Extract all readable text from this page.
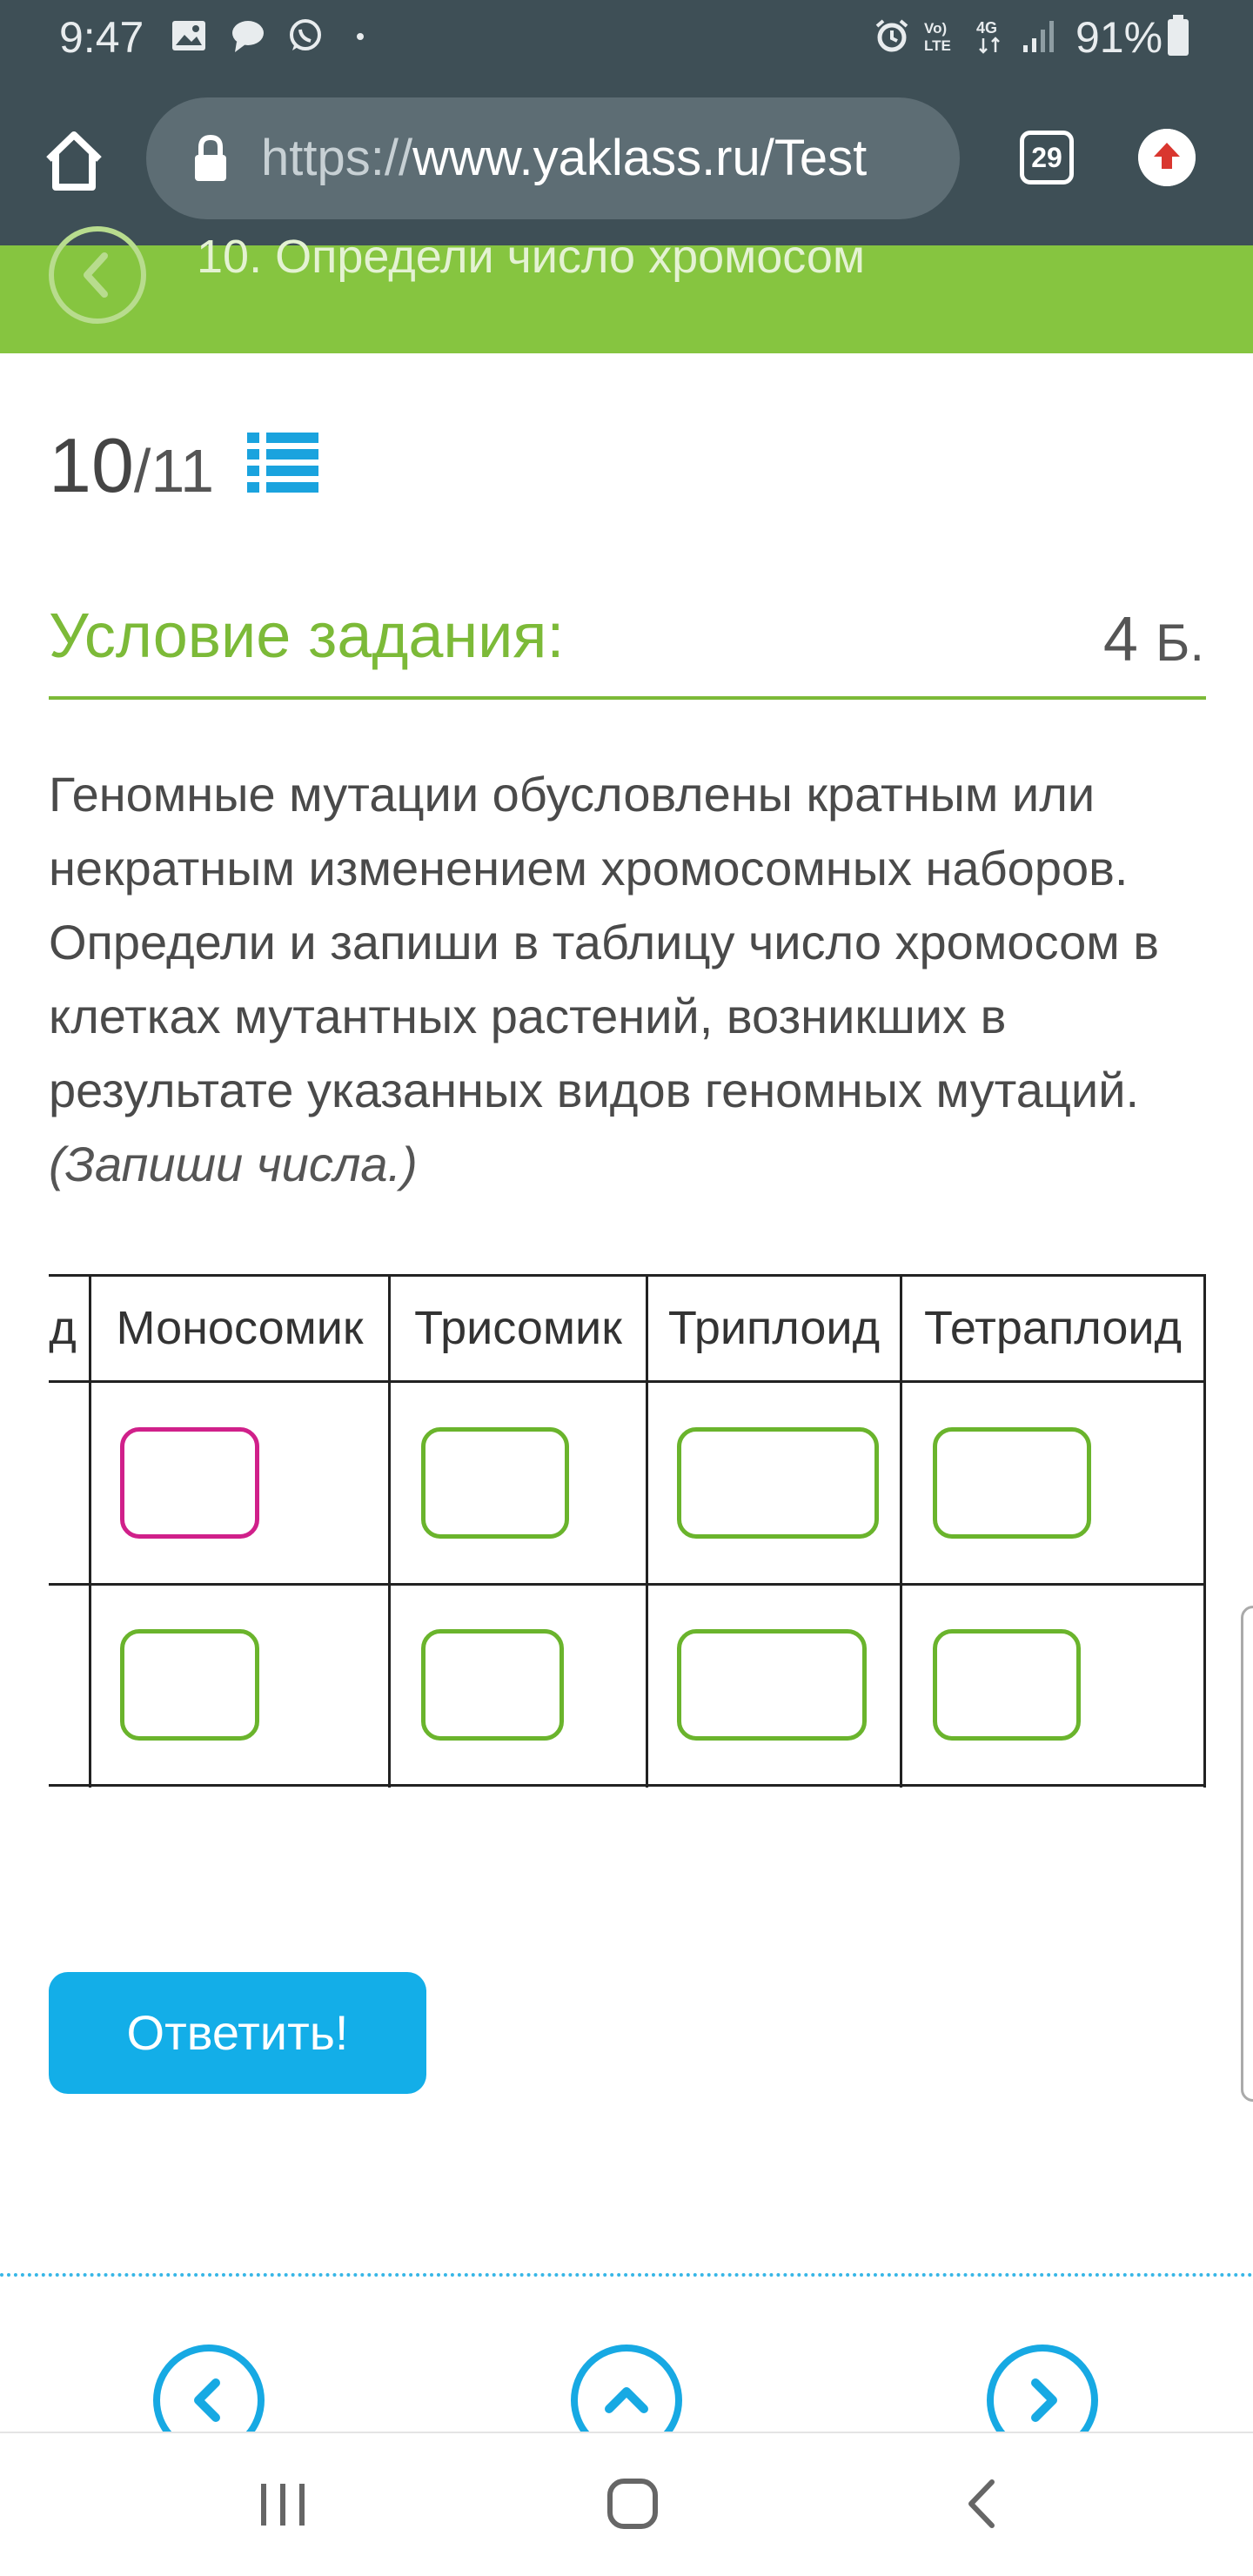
9:47	Vo)
LTE
4G 91%
https://www.yaklass.ru/Test	29
10. Определи число хромосом
10/11
Условие задания:	4 Б.
Геномные мутации обусловлены кратным или некратным изменением хромосомных наборов. Определи и запиши в таблицу число хромосом в клетках мутантных растений, возникших в результате указанных видов геномных мутаций.
(Запиши числа.)
д Моносомик	Трисомик Триплоид Тетраплоид
Ответить!
